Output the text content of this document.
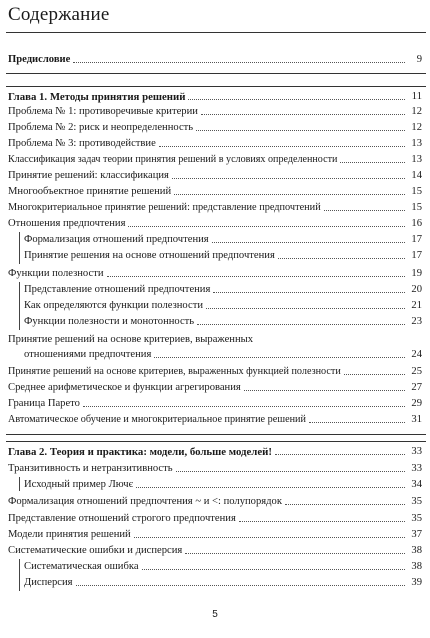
Содержание
Предисловие	9
Глава 1. Методы принятия решений	11
Проблема № 1: противоречивые критерии	12
Проблема № 2: риск и неопределенность	12
Проблема № 3: противодействие	13
Классификация задач теории принятия решений в условиях определенности	13
Принятие решений: классификация	14
Многообъектное принятие решений	15
Многокритериальное принятие решений: представление предпочтений	15
Отношения предпочтения	16
Формализация отношений предпочтения	17
Принятие решения на основе отношений предпочтения	17
Функции полезности	19
Представление отношений предпочтения	20
Как определяются функции полезности	21
Функции полезности и монотонность	23
Принятие решений на основе критериев, выраженных
отношениями предпочтения	24
Принятие решений на основе критериев, выраженных функцией полезности	25
Среднее арифметическое и функции агрегирования	27
Граница Парето	29
Автоматическое обучение и многокритериальное принятие решений	31
Глава 2. Теория и практика: модели, больше моделей!	33
Транзитивность и нетранзитивность	33
Исходный пример Лючє	34
Формализация отношений предпочтения ~ и <: полупорядок	35
Представление отношений строгого предпочтения	35
Модели принятия решений	37
Систематические ошибки и дисперсия	38
Систематическая ошибка	38
Дисперсия	39
5
